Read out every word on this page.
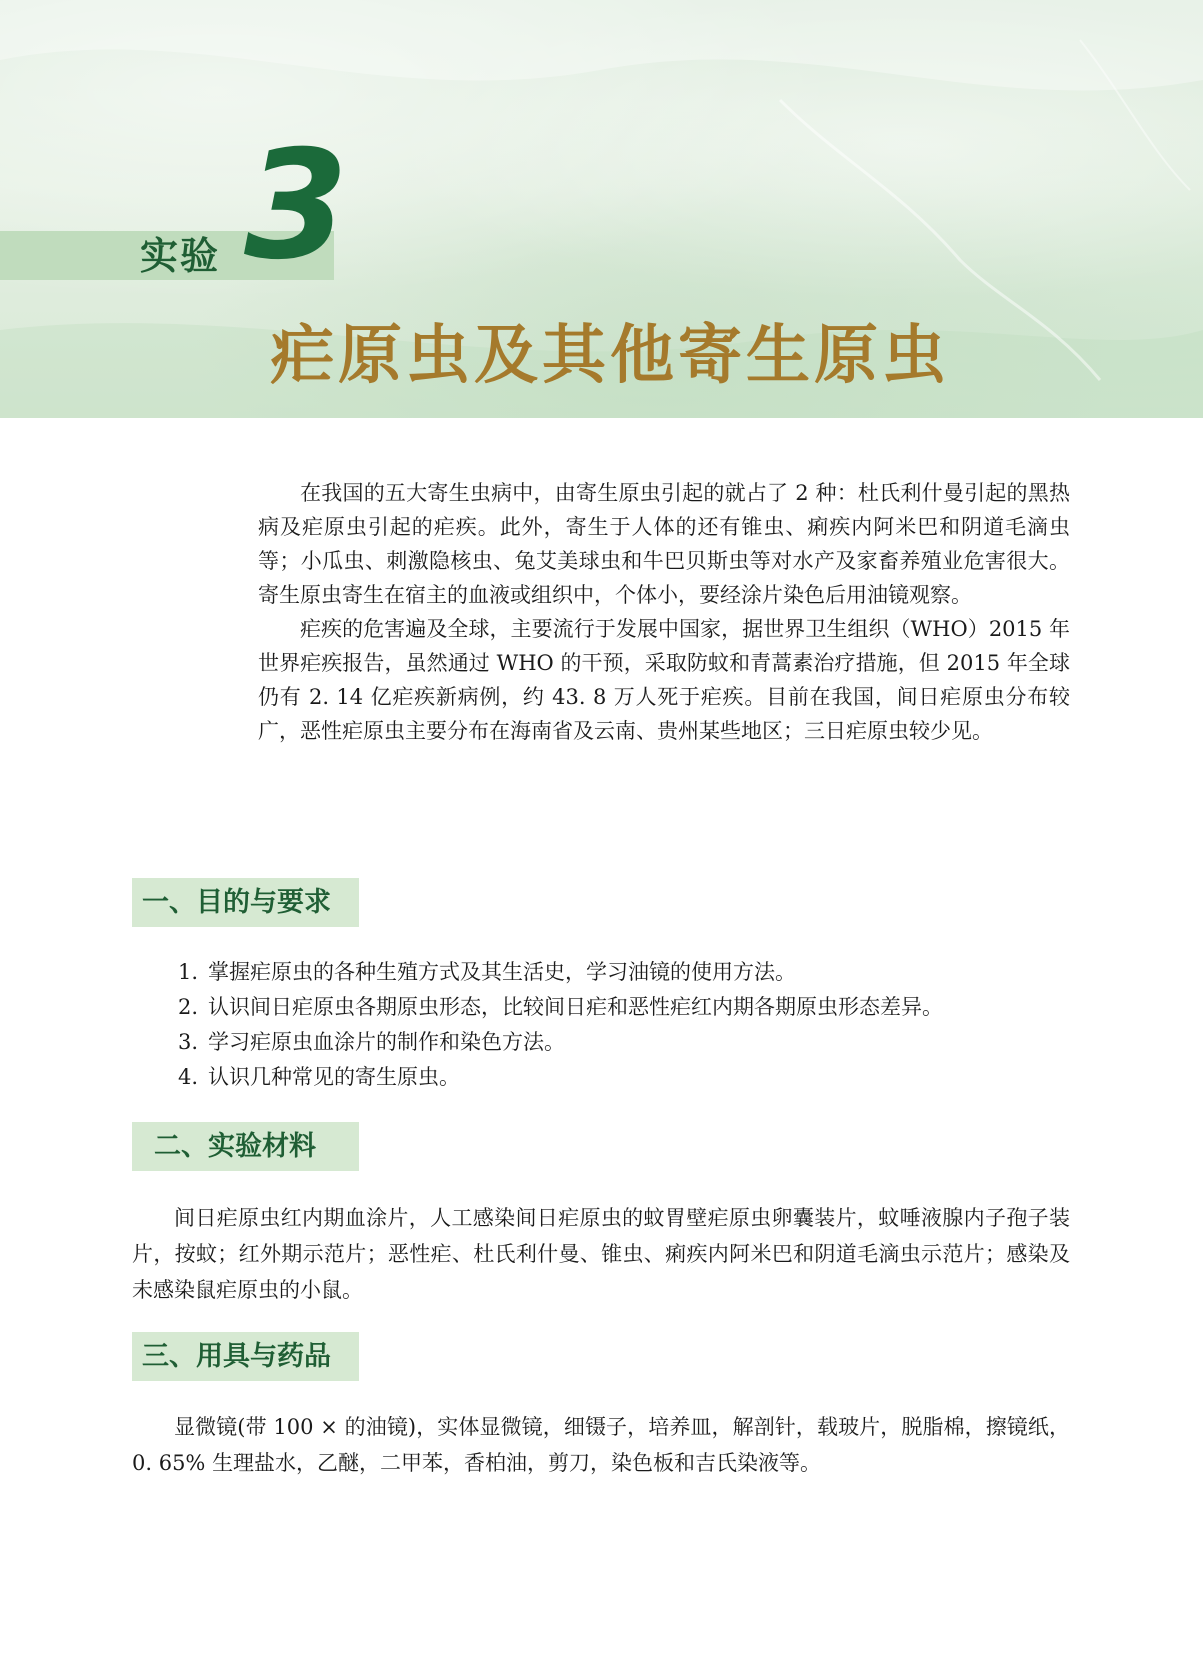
实验 3
疟原虫及其他寄生原虫

在我国的五大寄生虫病中，由寄生原虫引起的就占了 2 种：杜氏利什曼引起的黑热病及疟原虫引起的疟疾。此外，寄生于人体的还有锥虫、痢疾内阿米巴和阴道毛滴虫等；小瓜虫、刺激隐核虫、兔艾美球虫和牛巴贝斯虫等对水产及家畜养殖业危害很大。寄生原虫寄生在宿主的血液或组织中，个体小，要经涂片染色后用油镜观察。

疟疾的危害遍及全球，主要流行于发展中国家，据世界卫生组织（WHO）2015 年世界疟疾报告，虽然通过 WHO 的干预，采取防蚊和青蒿素治疗措施，但 2015 年全球仍有 2. 14 亿疟疾新病例，约 43. 8 万人死于疟疾。目前在我国，间日疟原虫分布较广，恶性疟原虫主要分布在海南省及云南、贵州某些地区；三日疟原虫较少见。

一、目的与要求
1. 掌握疟原虫的各种生殖方式及其生活史，学习油镜的使用方法。
2. 认识间日疟原虫各期原虫形态，比较间日疟和恶性疟红内期各期原虫形态差异。
3. 学习疟原虫血涂片的制作和染色方法。
4. 认识几种常见的寄生原虫。
二、实验材料

间日疟原虫红内期血涂片，人工感染间日疟原虫的蚊胃壁疟原虫卵囊装片，蚊唾液腺内子孢子装片，按蚊；红外期示范片；恶性疟、杜氏利什曼、锥虫、痢疾内阿米巴和阴道毛滴虫示范片；感染及未感染鼠疟原虫的小鼠。

三、用具与药品

显微镜(带 100 × 的油镜)，实体显微镜，细镊子，培养皿，解剖针，载玻片，脱脂棉，擦镜纸，0. 65% 生理盐水，乙醚，二甲苯，香柏油，剪刀，染色板和吉氏染液等。
